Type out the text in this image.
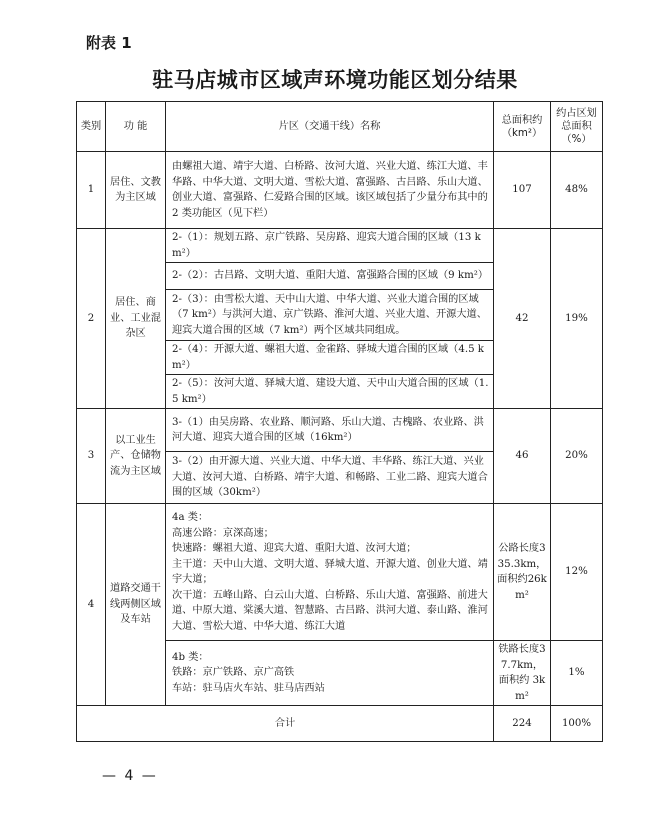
附表 1
驻马店城市区域声环境功能区划分结果
类别	功 能	片区（交通干线）名称	总面积约（km²）	约占区划总面积（%）
1	居住、文教为主区域	由螺祖大道、靖宇大道、白桥路、汝河大道、兴业大道、练江大道、丰华路、中华大道、文明大道、雪松大道、富强路、古吕路、乐山大道、创业大道、富强路、仁爱路合围的区域。该区域包括了少量分布其中的 2 类功能区（见下栏）	107	48%
2	居住、商业、工业混杂区	2-（1）：规划五路、京广铁路、吴房路、迎宾大道合围的区域（13 km²）	42	19%
		2-（2）：古吕路、文明大道、重阳大道、富强路合围的区域（9 km²）		
		2-（3）：由雪松大道、天中山大道、中华大道、兴业大道合围的区域（7 km²）与洪河大道、京广铁路、淮河大道、兴业大道、开源大道、迎宾大道合围的区域（7 km²）两个区域共同组成。		
		2-（4）：开源大道、螺祖大道、金雀路、驿城大道合围的区域（4.5 km²）		
		2-（5）：汝河大道、驿城大道、建设大道、天中山大道合围的区域（1.5 km²）		
3	以工业生产、仓储物流为主区域	3-（1）由吴房路、农业路、顺河路、乐山大道、古槐路、农业路、洪河大道、迎宾大道合围的区域（16km²）	46	20%
		3-（2）由开源大道、兴业大道、中华大道、丰华路、练江大道、兴业大道、汝河大道、白桥路、靖宇大道、和畅路、工业二路、迎宾大道合围的区域（30km²）		
4	道路交通干线两侧区域及车站	4a 类：
高速公路：京深高速；
快速路：螺祖大道、迎宾大道、重阳大道、汝河大道；
主干道：天中山大道、文明大道、驿城大道、开源大道、创业大道、靖宇大道；
次干道：五峰山路、白云山大道、白桥路、乐山大道、富强路、前进大道、中原大道、棠溪大道、智慧路、古吕路、洪河大道、泰山路、淮河大道、雪松大道、中华大道、练江大道	公路长度335.3km，面积约26km²	12%
		4b 类：
铁路：京广铁路、京广高铁
车站：驻马店火车站、驻马店西站	铁路长度37.7km，面积约 3km²	1%
合计			224	100%
— 4 —
